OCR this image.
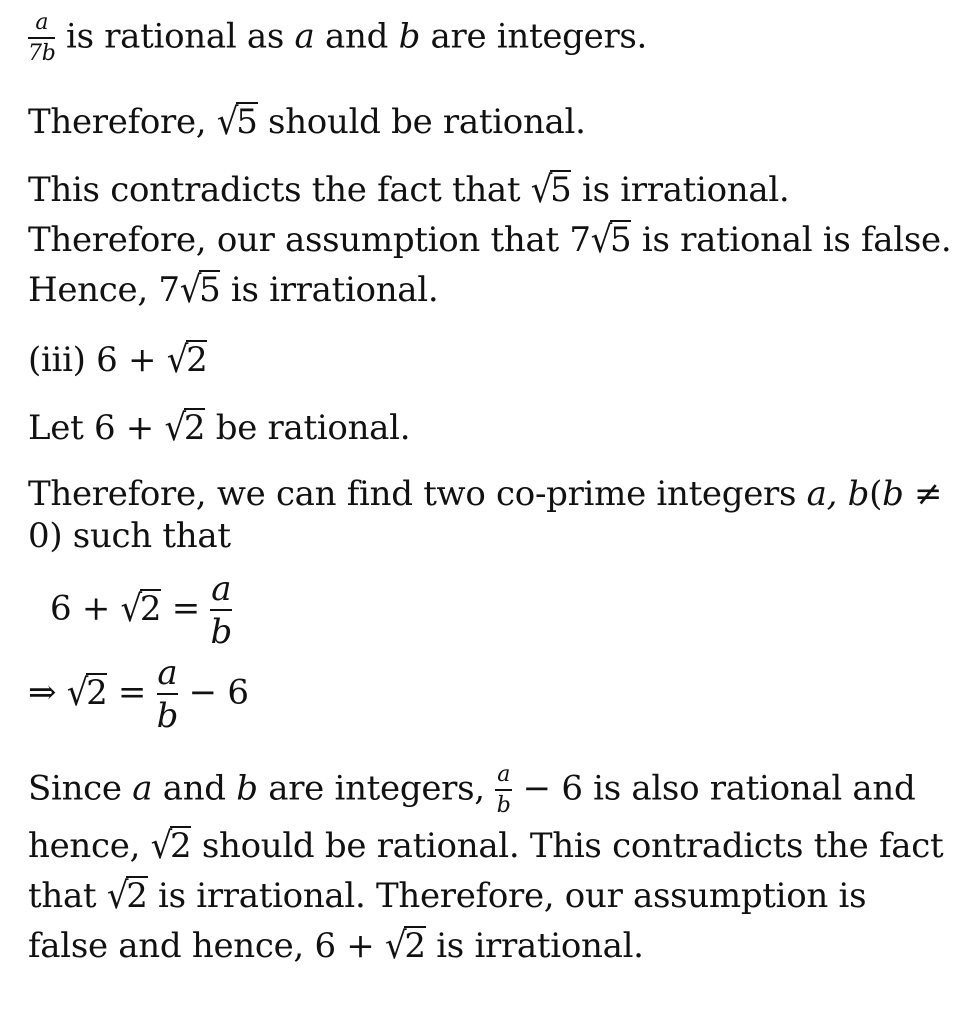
$\frac{a}{7b}$ is rational as a and b are integers.
Therefore, √5 should be rational.
This contradicts the fact that √5 is irrational.
Therefore, our assumption that 7√5 is rational is false.
Hence, 7√5 is irrational.
(iii) 6 + √2
Let 6 + √2 be rational.
Therefore, we can find two co-prime integers a, b(b ≠
0) such that
$6 + √2 = \frac{a}{b}$
⇒ $√2 = \frac{a}{b} - 6$
Since a and b are integers, $\frac{a}{b} - 6$ is also rational and
hence, √2 should be rational. This contradicts the fact
that √2 is irrational. Therefore, our assumption is
false and hence, 6 + √2 is irrational.
